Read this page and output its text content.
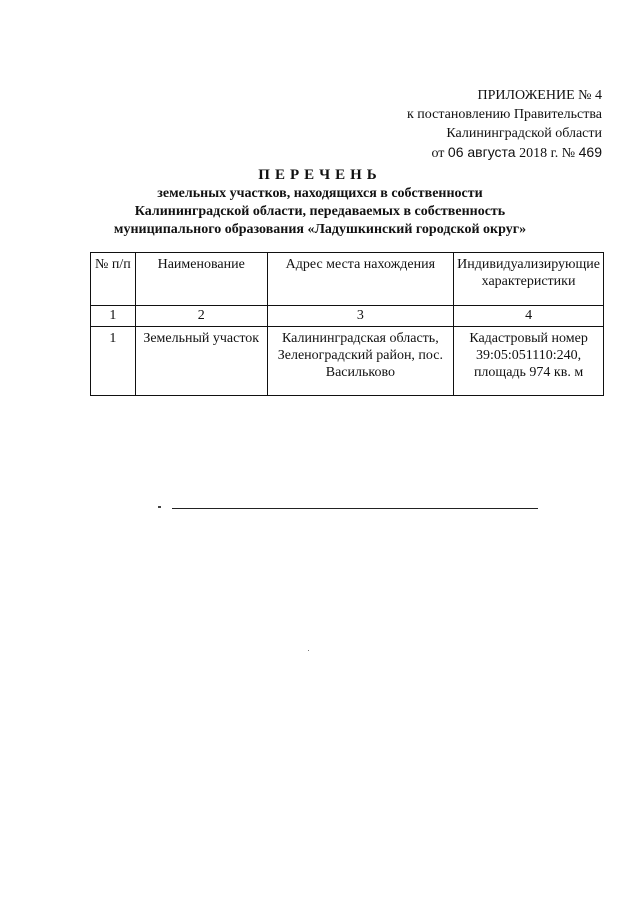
ПРИЛОЖЕНИЕ № 4
к постановлению Правительства
Калининградской области
от 06 августа 2018 г. № 469
ПЕРЕЧЕНЬ
земельных участков, находящихся в собственности
Калининградской области, передаваемых в собственность
муниципального образования «Ладушкинский городской округ»
№ п/п	Наименование	Адрес места нахождения	Индивидуализирующие характеристики
1	2	3	4
1	Земельный участок	Калининградская область, Зеленоградский район, пос. Васильково	Кадастровый номер 39:05:051110:240, площадь 974 кв. м
